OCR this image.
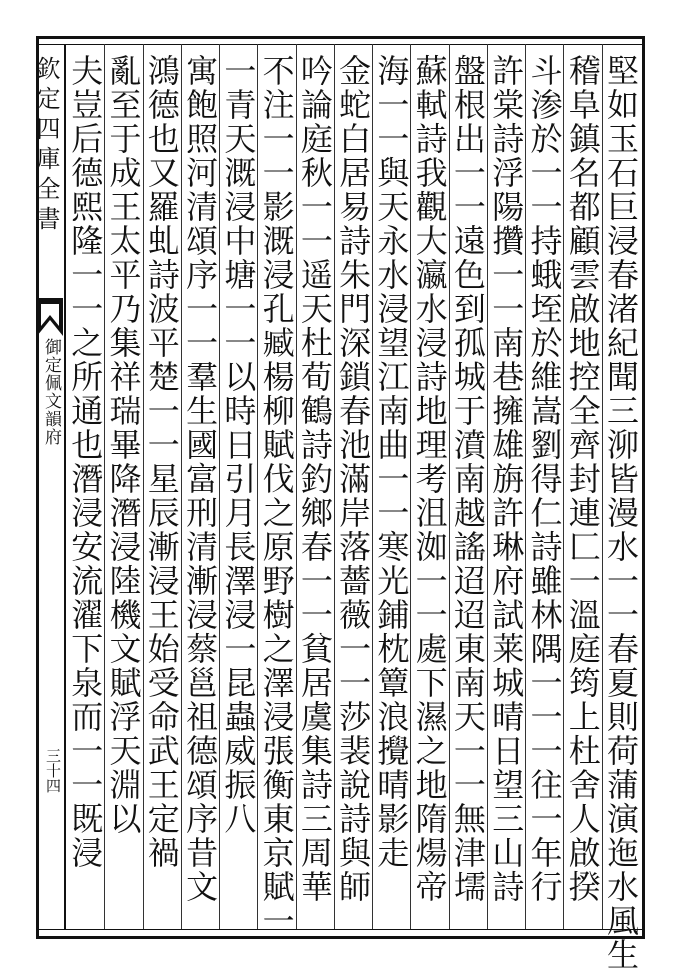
欽定四庫全書
御定佩文韻府
三十四	堅如玉石巨浸春渚紀聞三泖皆漫水一一春夏則荷蒲演迤水風生
稽阜鎮名都顧雲啟地控全齊封連匚一溫庭筠上杜舍人啟揆
斗渗於一一持蛾垤於維嵩劉得仁詩雖林隅一一一往一年行
許棠詩浮陽攢一一南巷擁雄旃許琳府試莱城晴日望三山詩
盤根出一一遠色到孤城于濆南越謠迢迢東南天一一無津壖
蘇軾詩我觀大瀛水浸詩地理考沮洳一一處下濕之地隋煬帝
海一一與天永水浸望江南曲一一寒光鋪枕簟浪攪晴影走
金蛇白居易詩朱門深鎖春池滿岸落薔薇一一莎裴說詩與師
吟論庭秋一一遥天杜荀鶴詩釣鄉春一一貧居虞集詩三周華
不注一一影溉浸孔臧楊柳賦伐之原野樹之澤浸張衡東京賦一
一青天溉浸中塘一一以時日引月長澤浸一昆蟲威振八
寓飽照河清頌序一一羣生國富刑清漸浸蔡邕祖德頌序昔文
鴻德也又羅虬詩波平楚一一星辰漸浸王始受命武王定禍
亂至于成王太平乃集祥瑞畢降潛浸陸機文賦浮天淵以
夫豈后德熙隆一一之所通也潛浸安流濯下泉而一一既浸
